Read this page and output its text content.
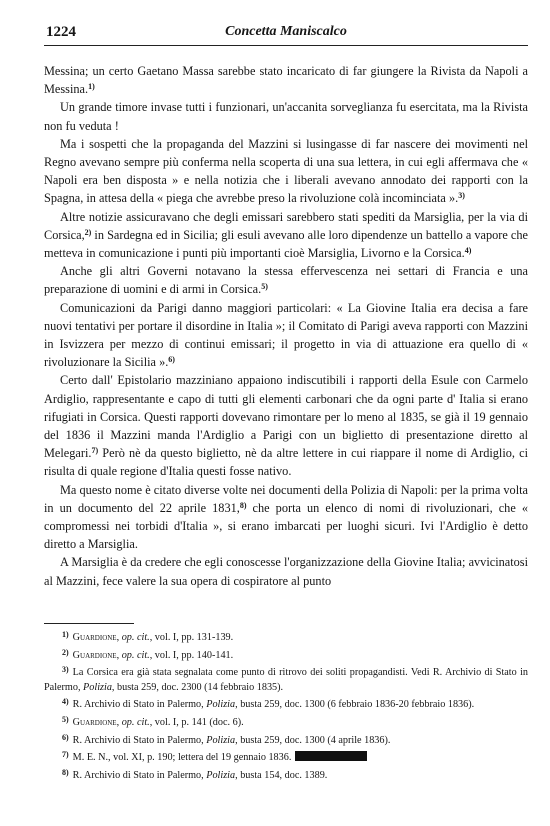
1224	Concetta Maniscalco

Messina; un certo Gaetano Massa sarebbe stato incaricato di far giungere la Rivista da Napoli a Messina.$^{1)}$

Un grande timore invase tutti i funzionari, un'accanita sorveglianza fu esercitata, ma la Rivista non fu veduta !

Ma i sospetti che la propaganda del Mazzini si lusingasse di far nascere dei movimenti nel Regno avevano sempre più conferma nella scoperta di una sua lettera, in cui egli affermava che « Napoli era ben disposta » e nella notizia che i liberali avevano annodato dei rapporti con la Spagna, in attesa della « piega che avrebbe preso la rivoluzione colà incominciata ».$^{3)}$

Altre notizie assicuravano che degli emissari sarebbero stati spediti da Marsiglia, per la via di Corsica,$^{2)}$ in Sardegna ed in Sicilia; gli esuli avevano alle loro dipendenze un battello a vapore che metteva in comunicazione i punti più importanti cioè Marsiglia, Livorno e la Corsica.$^{4)}$

Anche gli altri Governi notavano la stessa effervescenza nei settari di Francia e una preparazione di uomini e di armi in Corsica.$^{5)}$

Comunicazioni da Parigi danno maggiori particolari: « La Giovine Italia era decisa a fare nuovi tentativi per portare il disordine in Italia »; il Comitato di Parigi aveva rapporti con Mazzini in Isvizzera per mezzo di continui emissari; il progetto in via di attuazione era quello di « rivoluzionare la Sicilia ».$^{6)}$

Certo dall' Epistolario mazziniano appaiono indiscutibili i rapporti della Esule con Carmelo Ardiglio, rappresentante e capo di tutti gli elementi carbonari che da ogni parte d' Italia si erano rifugiati in Corsica. Questi rapporti dovevano rimontare per lo meno al 1835, se già il 19 gennaio del 1836 il Mazzini manda l'Ardiglio a Parigi con un biglietto di presentazione diretto al Melegari.$^{7)}$ Però nè da questo biglietto, nè da altre lettere in cui riappare il nome di Ardiglio, ci risulta di quale regione d'Italia questi fosse nativo.

Ma questo nome è citato diverse volte nei documenti della Polizia di Napoli: per la prima volta in un documento del 22 aprile 1831,$^{8)}$ che porta un elenco di nomi di rivoluzionari, che « compromessi nei torbidi d'Italia », si erano imbarcati per luoghi sicuri. Ivi l'Ardiglio è detto diretto a Marsiglia.

A Marsiglia è da credere che egli conoscesse l'organizzazione della Giovine Italia; avvicinatosi al Mazzini, fece valere la sua opera di cospiratore al punto

$^{1)}$ Guardione, op. cit., vol. I, pp. 131-139.

$^{2)}$ Guardione, op. cit., vol. I, pp. 140-141.

$^{3)}$ La Corsica era già stata segnalata come punto di ritrovo dei soliti propagandisti. Vedi R. Archivio di Stato in Palermo, Polizia, busta 259, doc. 2300 (14 febbraio 1835).

$^{4)}$ R. Archivio di Stato in Palermo, Polizia, busta 259, doc. 1300 (6 febbraio 1836-20 febbraio 1836).

$^{5)}$ Guardione, op. cit., vol. I, p. 141 (doc. 6).

$^{6)}$ R. Archivio di Stato in Palermo, Polizia, busta 259, doc. 1300 (4 aprile 1836).

$^{7)}$ M. E. N., vol. XI, p. 190; lettera del 19 gennaio 1836.

$^{8)}$ R. Archivio di Stato in Palermo, Polizia, busta 154, doc. 1389.
